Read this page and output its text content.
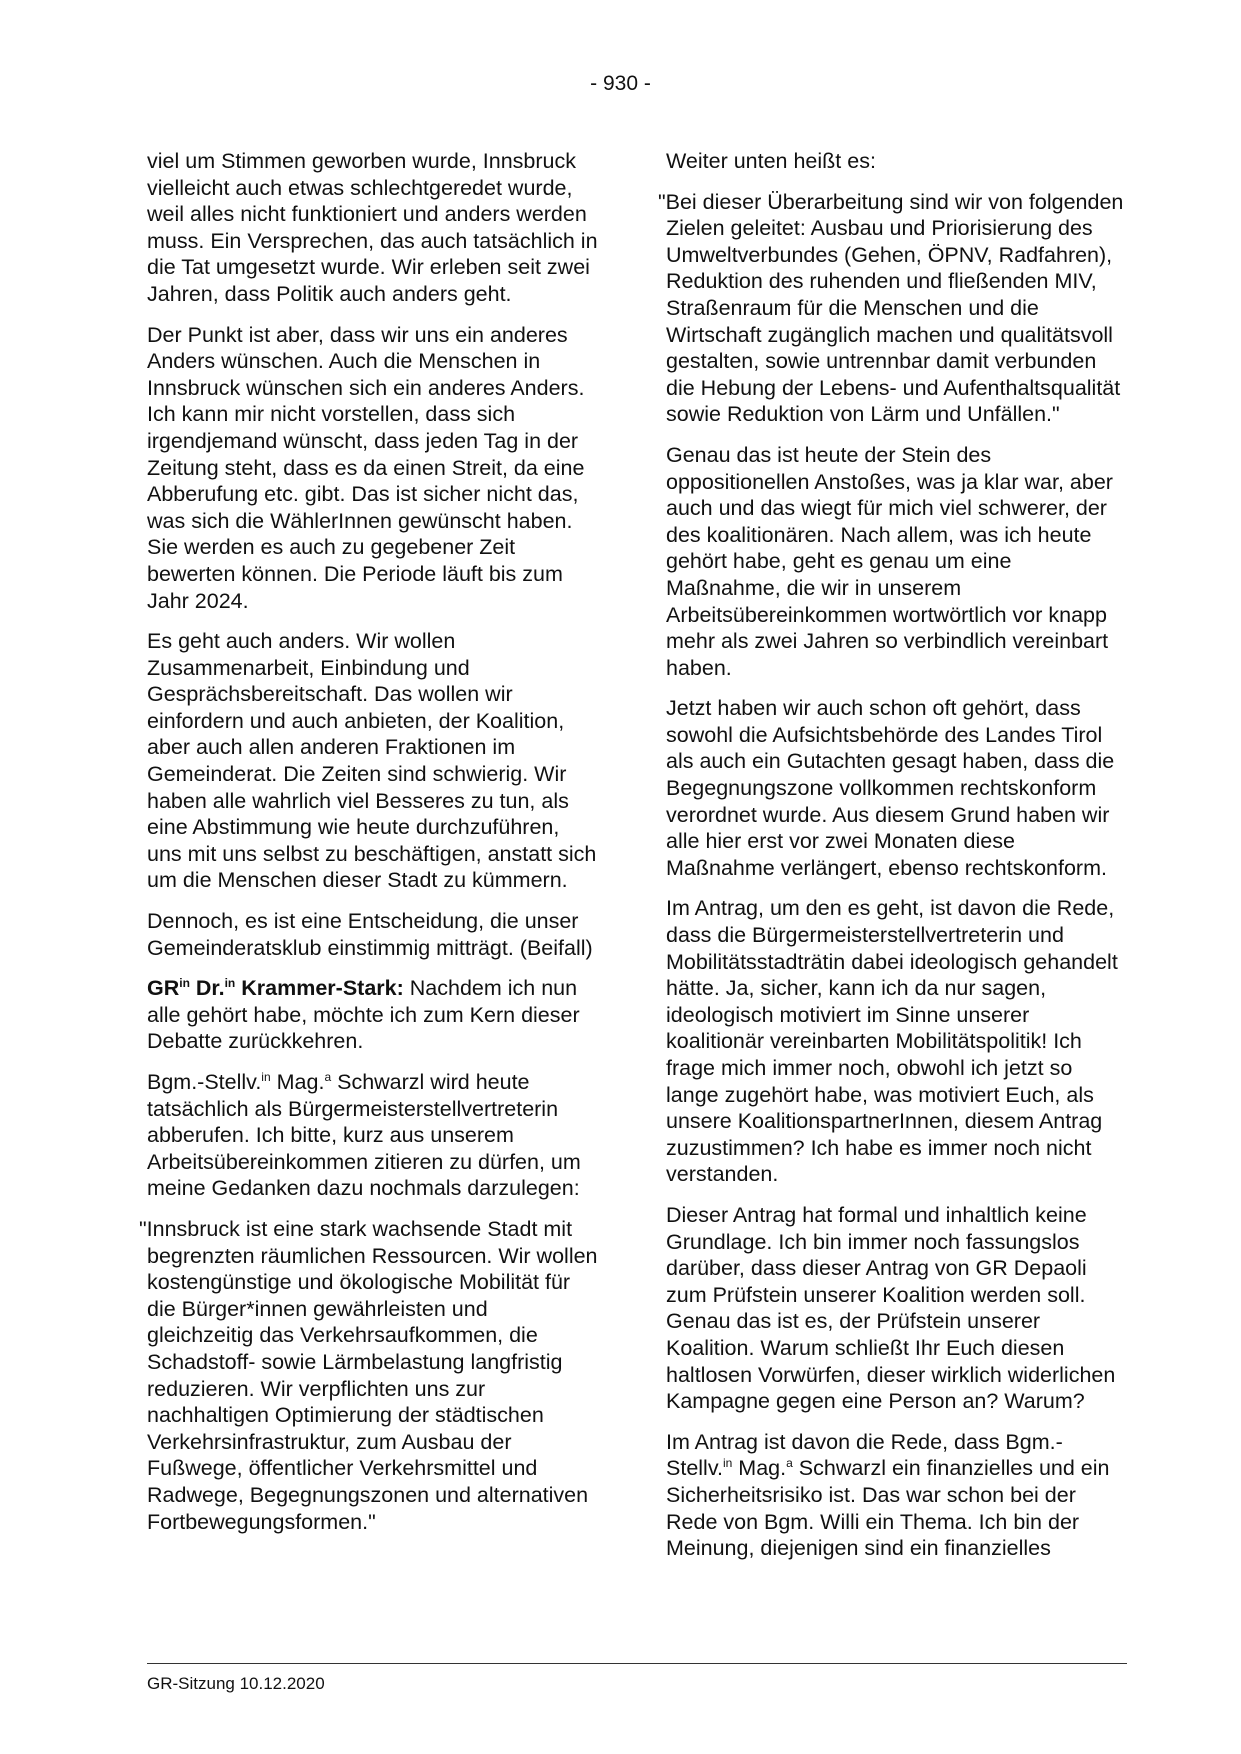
- 930 -

viel um Stimmen geworben wurde, Innsbruck vielleicht auch etwas schlechtgeredet wurde, weil alles nicht funktioniert und anders werden muss. Ein Versprechen, das auch tatsächlich in die Tat umgesetzt wurde. Wir erleben seit zwei Jahren, dass Politik auch anders geht.

Der Punkt ist aber, dass wir uns ein anderes Anders wünschen. Auch die Menschen in Innsbruck wünschen sich ein anderes Anders. Ich kann mir nicht vorstellen, dass sich irgendjemand wünscht, dass jeden Tag in der Zeitung steht, dass es da einen Streit, da eine Abberufung etc. gibt. Das ist sicher nicht das, was sich die WählerInnen gewünscht haben. Sie werden es auch zu gegebener Zeit bewerten können. Die Periode läuft bis zum Jahr 2024.

Es geht auch anders. Wir wollen Zusammenarbeit, Einbindung und Gesprächsbereitschaft. Das wollen wir einfordern und auch anbieten, der Koalition, aber auch allen anderen Fraktionen im Gemeinderat. Die Zeiten sind schwierig. Wir haben alle wahrlich viel Besseres zu tun, als eine Abstimmung wie heute durchzuführen, uns mit uns selbst zu beschäftigen, anstatt sich um die Menschen dieser Stadt zu kümmern.

Dennoch, es ist eine Entscheidung, die unser Gemeinderatsklub einstimmig mitträgt. (Beifall)

$GR^{in}$ Dr.$^{in}$ Krammer-Stark: Nachdem ich nun alle gehört habe, möchte ich zum Kern dieser Debatte zurückkehren.

Bgm.-Stellv.$^{in}$ Mag.$^a$ Schwarzl wird heute tatsächlich als Bürgermeisterstellvertreterin abberufen. Ich bitte, kurz aus unserem Arbeitsübereinkommen zitieren zu dürfen, um meine Gedanken dazu nochmals darzulegen:

"Innsbruck ist eine stark wachsende Stadt mit begrenzten räumlichen Ressourcen. Wir wollen kostengünstige und ökologische Mobilität für die Bürger*innen gewährleisten und gleichzeitig das Verkehrsaufkommen, die Schadstoff- sowie Lärmbelastung langfristig reduzieren. Wir verpflichten uns zur nachhaltigen Optimierung der städtischen Verkehrsinfrastruktur, zum Ausbau der Fußwege, öffentlicher Verkehrsmittel und Radwege, Begegnungszonen und alternativen Fortbewegungsformen."

Weiter unten heißt es:

"Bei dieser Überarbeitung sind wir von folgenden Zielen geleitet: Ausbau und Priorisierung des Umweltverbundes (Gehen, ÖPNV, Radfahren), Reduktion des ruhenden und fließenden MIV, Straßenraum für die Menschen und die Wirtschaft zugänglich machen und qualitätsvoll gestalten, sowie untrennbar damit verbunden die Hebung der Lebens- und Aufenthaltsqualität sowie Reduktion von Lärm und Unfällen."

Genau das ist heute der Stein des oppositionellen Anstoßes, was ja klar war, aber auch und das wiegt für mich viel schwerer, der des koalitionären. Nach allem, was ich heute gehört habe, geht es genau um eine Maßnahme, die wir in unserem Arbeitsübereinkommen wortwörtlich vor knapp mehr als zwei Jahren so verbindlich vereinbart haben.

Jetzt haben wir auch schon oft gehört, dass sowohl die Aufsichtsbehörde des Landes Tirol als auch ein Gutachten gesagt haben, dass die Begegnungszone vollkommen rechtskonform verordnet wurde. Aus diesem Grund haben wir alle hier erst vor zwei Monaten diese Maßnahme verlängert, ebenso rechtskonform.

Im Antrag, um den es geht, ist davon die Rede, dass die Bürgermeisterstellvertreterin und Mobilitätsstadträtin dabei ideologisch gehandelt hätte. Ja, sicher, kann ich da nur sagen, ideologisch motiviert im Sinne unserer koalitionär vereinbarten Mobilitätspolitik! Ich frage mich immer noch, obwohl ich jetzt so lange zugehört habe, was motiviert Euch, als unsere KoalitionspartnerInnen, diesem Antrag zuzustimmen? Ich habe es immer noch nicht verstanden.

Dieser Antrag hat formal und inhaltlich keine Grundlage. Ich bin immer noch fassungslos darüber, dass dieser Antrag von GR Depaoli zum Prüfstein unserer Koalition werden soll. Genau das ist es, der Prüfstein unserer Koalition. Warum schließt Ihr Euch diesen haltlosen Vorwürfen, dieser wirklich widerlichen Kampagne gegen eine Person an? Warum?

Im Antrag ist davon die Rede, dass Bgm.-Stellv.$^{in}$ Mag.$^a$ Schwarzl ein finanzielles und ein Sicherheitsrisiko ist. Das war schon bei der Rede von Bgm. Willi ein Thema. Ich bin der Meinung, diejenigen sind ein finanzielles

GR-Sitzung 10.12.2020
